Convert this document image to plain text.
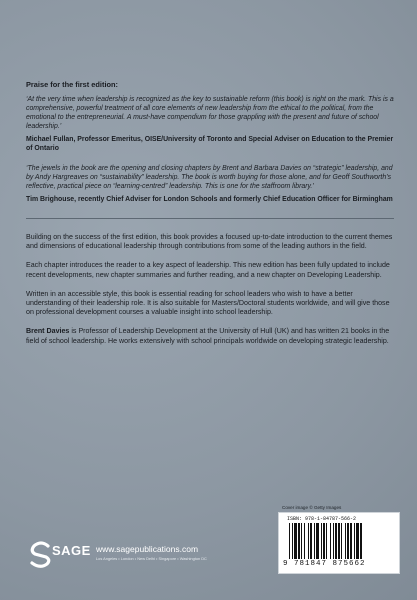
Praise for the first edition:

‘At the very time when leadership is recognized as the key to sustainable reform (this book) is right on the mark. This is a comprehensive, powerful treatment of all core elements of new leadership from the ethical to the political, from the emotional to the entrepreneurial. A must-have compendium for those grappling with the present and future of school leadership.’

Michael Fullan, Professor Emeritus, OISE/University of Toronto and Special Adviser on Education to the Premier of Ontario

‘The jewels in the book are the opening and closing chapters by Brent and Barbara Davies on “strategic” leadership, and by Andy Hargreaves on “sustainability” leadership. The book is worth buying for those alone, and for Geoff Southworth’s reflective, practical piece on “learning-centred” leadership. This is one for the staffroom library.’

Tim Brighouse, recently Chief Adviser for London Schools and formerly Chief Education Officer for Birmingham

Building on the success of the first edition, this book provides a focused up-to-date introduction to the current themes and dimensions of educational leadership through contributions from some of the leading authors in the field.

Each chapter introduces the reader to a key aspect of leadership. This new edition has been fully updated to include recent developments, new chapter summaries and further reading, and a new chapter on Developing Leadership.

Written in an accessible style, this book is essential reading for school leaders who wish to have a better understanding of their leadership role. It is also suitable for Masters/Doctoral students worldwide, and will give those on professional development courses a valuable insight into school leadership.

Brent Davies is Professor of Leadership Development at the University of Hull (UK) and has written 21 books in the field of school leadership. He works extensively with school principals worldwide on developing strategic leadership.

Cover image © Getty Images
ISBN: 978-1-84787-566-2
9 781847 875662
SAGE www.sagepublications.com
Los Angeles • London • New Delhi • Singapore • Washington DC
